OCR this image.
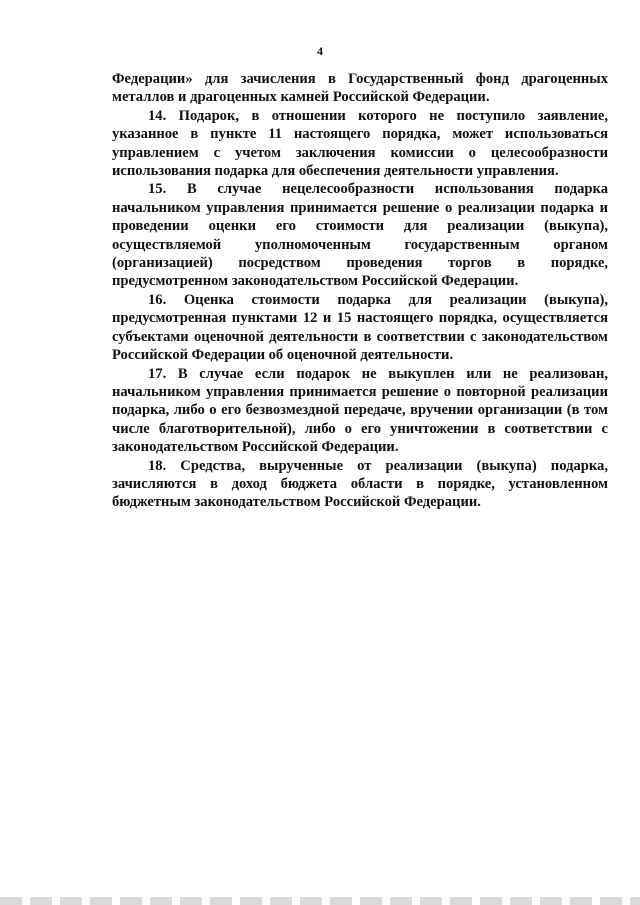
4

Федерации» для зачисления в Государственный фонд драгоценных металлов и драгоценных камней Российской Федерации.

14. Подарок, в отношении которого не поступило заявление, указанное в пункте 11 настоящего порядка, может использоваться управлением с учетом заключения комиссии о целесообразности использования подарка для обеспечения деятельности управления.

15. В случае нецелесообразности использования подарка начальником управления принимается решение о реализации подарка и проведении оценки его стоимости для реализации (выкупа), осуществляемой уполномоченным государственным органом (организацией) посредством проведения торгов в порядке, предусмотренном законодательством Российской Федерации.

16. Оценка стоимости подарка для реализации (выкупа), предусмотренная пунктами 12 и 15 настоящего порядка, осуществляется субъектами оценочной деятельности в соответствии с законодательством Российской Федерации об оценочной деятельности.

17. В случае если подарок не выкуплен или не реализован, начальником управления принимается решение о повторной реализации подарка, либо о его безвозмездной передаче, вручении организации (в том числе благотворительной), либо о его уничтожении в соответствии с законодательством Российской Федерации.

18. Средства, вырученные от реализации (выкупа) подарка, зачисляются в доход бюджета области в порядке, установленном бюджетным законодательством Российской Федерации.
